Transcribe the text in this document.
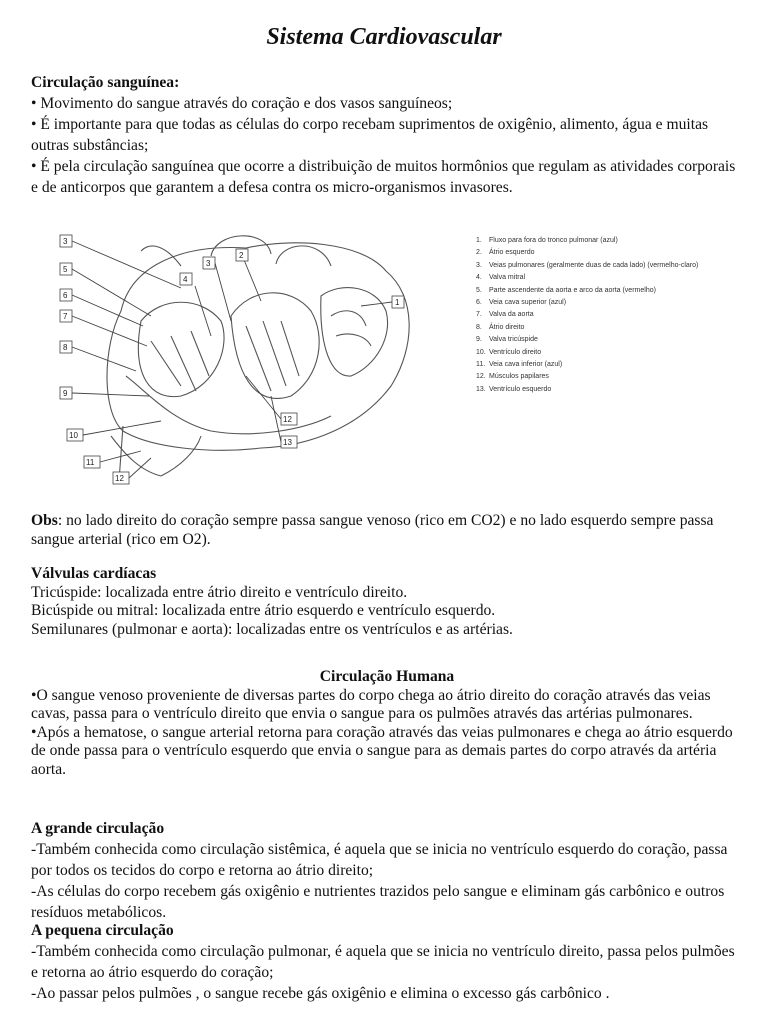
Sistema Cardiovascular

Circulação sanguínea:

• Movimento do sangue através do coração e dos vasos sanguíneos;

• É importante para que todas as células do corpo recebam suprimentos de oxigênio, alimento, água e muitas outras substâncias;

• É pela circulação sanguínea que ocorre a distribuição de muitos hormônios que regulam as atividades corporais e de anticorpos que garantem a defesa contra os micro-organismos invasores.

3
5
6
7
8
9
10
11
12
4
3
2
12
13
1
1.	Fluxo para fora do tronco pulmonar (azul)
2.	Átrio esquerdo
3.	Veias pulmonares (geralmente duas de cada lado) (vermelho-claro)
4.	Valva mitral
5.	Parte ascendente da aorta e arco da aorta (vermelho)
6.	Veia cava superior (azul)
7.	Valva da aorta
8.	Átrio direito
9.	Valva tricúspide
10. Ventrículo direito
11. Veia cava inferior (azul)
12. Músculos papilares
13. Ventrículo esquerdo

Obs: no lado direito do coração sempre passa sangue venoso (rico em CO2) e no lado esquerdo sempre passa sangue arterial (rico em O2).

Válvulas cardíacas

Tricúspide: localizada entre átrio direito e ventrículo direito.

Bicúspide ou mitral: localizada entre átrio esquerdo e ventrículo esquerdo.

Semilunares (pulmonar e aorta): localizadas entre os ventrículos e as artérias.

Circulação Humana

•O sangue venoso proveniente de diversas partes do corpo chega ao átrio direito do coração através das veias cavas, passa para o ventrículo direito que envia o sangue para os pulmões através das artérias pulmonares.

•Após a hematose, o sangue arterial retorna para coração através das veias pulmonares e chega ao átrio esquerdo de onde passa para o ventrículo esquerdo que envia o sangue para as demais partes do corpo através da artéria aorta.

A grande circulação

-Também conhecida como circulação sistêmica, é aquela que se inicia no ventrículo esquerdo do coração, passa por todos os tecidos do corpo e retorna ao átrio direito;

-As células do corpo recebem gás oxigênio e nutrientes trazidos pelo sangue e eliminam gás carbônico e outros resíduos metabólicos.

A pequena circulação

-Também conhecida como circulação pulmonar, é aquela que se inicia no ventrículo direito, passa pelos pulmões e retorna ao átrio esquerdo do coração;

-Ao passar pelos pulmões , o sangue recebe gás oxigênio e elimina o excesso gás carbônico .
